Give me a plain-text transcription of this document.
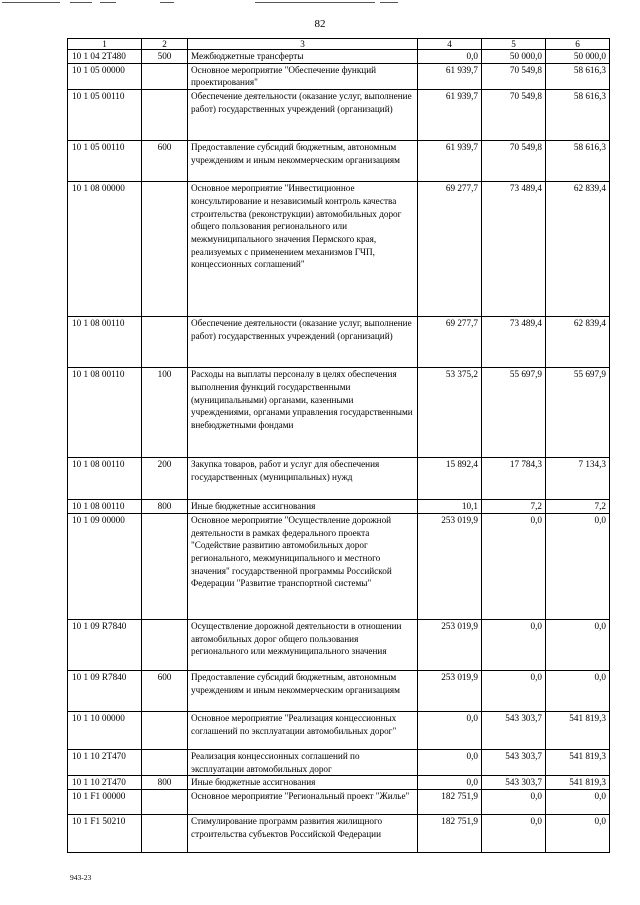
82
1	2	3	4	5	6
10 1 04 2Т480	500	Межбюджетные трансферты	0,0	50 000,0	50 000,0
10 1 05 00000		Основное мероприятие "Обеспечение функций проектирования"	61 939,7	70 549,8	58 616,3
10 1 05 00110		Обеспечение деятельности (оказание услуг, выполнение работ) государственных учреждений (организаций)	61 939,7	70 549,8	58 616,3
10 1 05 00110	600	Предоставление субсидий бюджетным, автономным учреждениям и иным некоммерческим организациям	61 939,7	70 549,8	58 616,3
10 1 08 00000		Основное мероприятие "Инвестиционное консультирование и независимый контроль качества строительства (реконструкции) автомобильных дорог общего пользования регионального или межмуниципального значения Пермского края, реализуемых с применением механизмов ГЧП, концессионных соглашений"	69 277,7	73 489,4	62 839,4
10 1 08 00110		Обеспечение деятельности (оказание услуг, выполнение работ) государственных учреждений (организаций)	69 277,7	73 489,4	62 839,4
10 1 08 00110	100	Расходы на выплаты персоналу в целях обеспечения выполнения функций государственными (муниципальными) органами, казенными учреждениями, органами управления государственными внебюджетными фондами	53 375,2	55 697,9	55 697,9
10 1 08 00110	200	Закупка товаров, работ и услуг для обеспечения государственных (муниципальных) нужд	15 892,4	17 784,3	7 134,3
10 1 08 00110	800	Иные бюджетные ассигнования	10,1	7,2	7,2
10 1 09 00000		Основное мероприятие "Осуществление дорожной деятельности в рамках федерального проекта "Содействие развитию автомобильных дорог регионального, межмуниципального и местного значения" государственной программы Российской Федерации "Развитие транспортной системы"	253 019,9	0,0	0,0
10 1 09 R7840		Осуществление дорожной деятельности в отношении автомобильных дорог общего пользования регионального или межмуниципального значения	253 019,9	0,0	0,0
10 1 09 R7840	600	Предоставление субсидий бюджетным, автономным учреждениям и иным некоммерческим организациям	253 019,9	0,0	0,0
10 1 10 00000		Основное мероприятие "Реализация концессионных соглашений по эксплуатации автомобильных дорог"	0,0	543 303,7	541 819,3
10 1 10 2Т470		Реализация концессионных соглашений по эксплуатации автомобильных дорог	0,0	543 303,7	541 819,3
10 1 10 2Т470	800	Иные бюджетные ассигнования	0,0	543 303,7	541 819,3
10 1 F1 00000		Основное мероприятие "Региональный проект "Жилье"	182 751,9	0,0	0,0
10 1 F1 50210		Стимулирование программ развития жилищного строительства субъектов Российской Федерации	182 751,9	0,0	0,0
943-23
